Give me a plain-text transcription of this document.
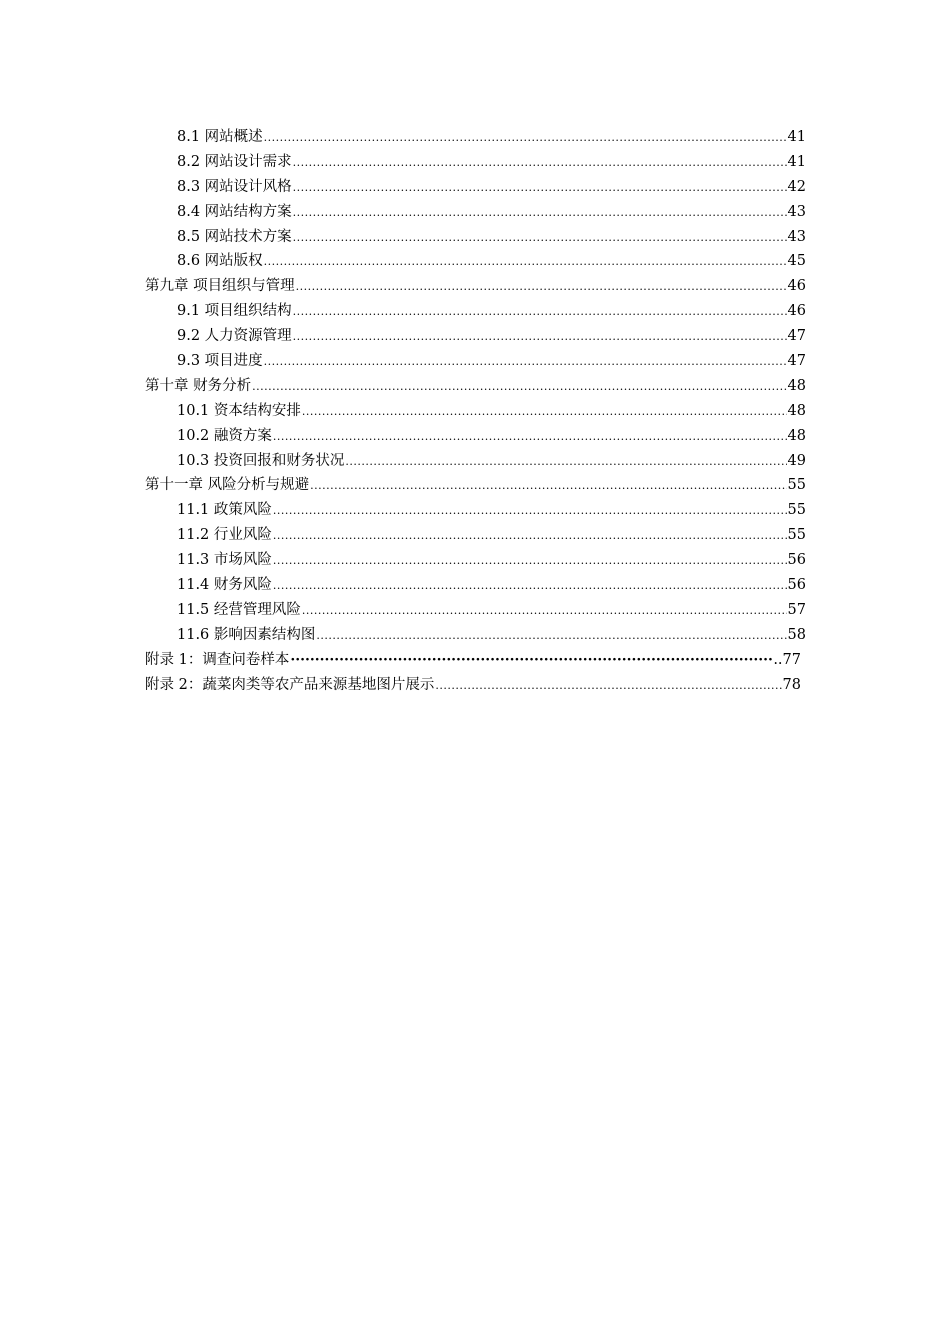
8.1 网站概述 .....	41
8.2 网站设计需求 .....	41
8.3 网站设计风格 .....	42
8.4 网站结构方案 .....	43
8.5 网站技术方案 .....	43
8.6 网站版权 .....	45
第九章 项目组织与管理 .....	46
9.1 项目组织结构 .....	46
9.2 人力资源管理 .....	47
9.3 项目进度 .....	47
第十章 财务分析 .....	48
10.1 资本结构安排 .....	48
10.2 融资方案 .....	48
10.3 投资回报和财务状况 .....	49
第十一章 风险分析与规避 .....	55
11.1 政策风险 .....	55
11.2 行业风险 .....	55
11.3 市场风险 .....	56
11.4 财务风险 .....	56
11.5 经营管理风险 .....	57
11.6 影响因素结构图 .....	58
附录 1：调查问卷样本 ·····	..77
附录 2：蔬菜肉类等农产品来源基地图片展示 .....	78
